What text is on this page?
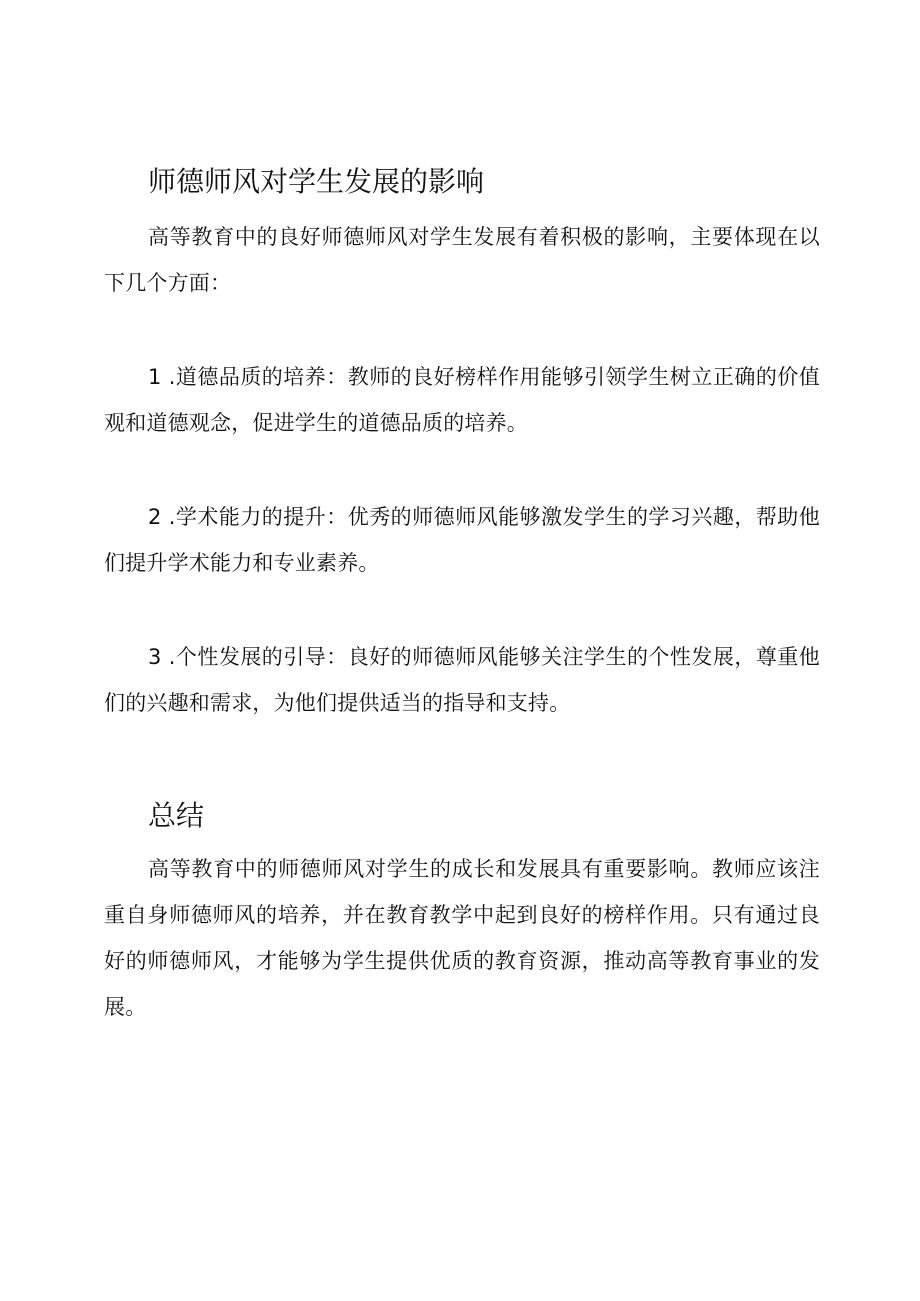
师德师风对学生发展的影响

高等教育中的良好师德师风对学生发展有着积极的影响，主要体现在以下几个方面：

1 .道德品质的培养：教师的良好榜样作用能够引领学生树立正确的价值观和道德观念，促进学生的道德品质的培养。

2 .学术能力的提升：优秀的师德师风能够激发学生的学习兴趣，帮助他们提升学术能力和专业素养。

3 .个性发展的引导：良好的师德师风能够关注学生的个性发展，尊重他们的兴趣和需求，为他们提供适当的指导和支持。

总结

高等教育中的师德师风对学生的成长和发展具有重要影响。教师应该注重自身师德师风的培养，并在教育教学中起到良好的榜样作用。只有通过良好的师德师风，才能够为学生提供优质的教育资源，推动高等教育事业的发展。
